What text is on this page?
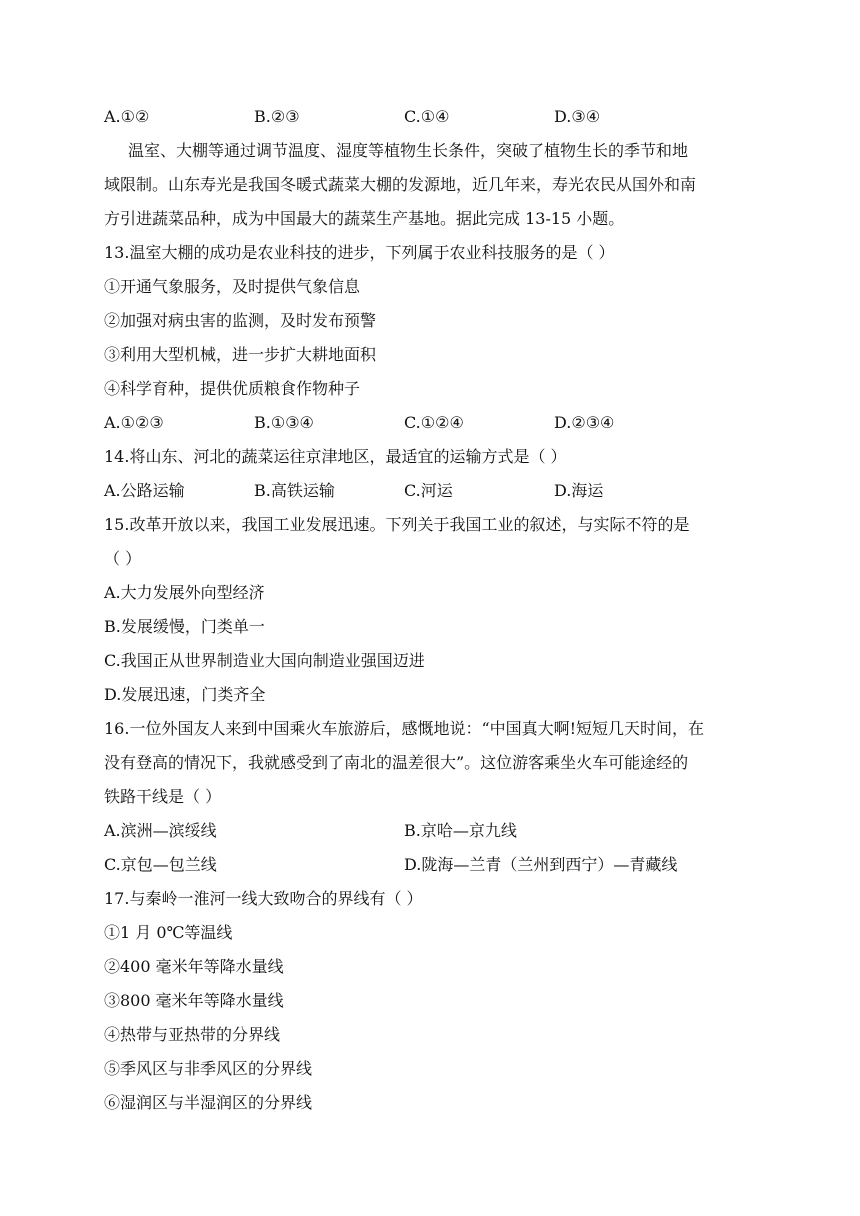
A.①②	B.②③	C.①④	D.③④
温室、大棚等通过调节温度、湿度等植物生长条件，突破了植物生长的季节和地
域限制。山东寿光是我国冬暖式蔬菜大棚的发源地，近几年来，寿光农民从国外和南
方引进蔬菜品种，成为中国最大的蔬菜生产基地。据此完成 13-15 小题。
13.温室大棚的成功是农业科技的进步，下列属于农业科技服务的是（ ）
①开通气象服务，及时提供气象信息
②加强对病虫害的监测，及时发布预警
③利用大型机械，进一步扩大耕地面积
④科学育种，提供优质粮食作物种子
A.①②③	B.①③④	C.①②④	D.②③④
14.将山东、河北的蔬菜运往京津地区，最适宜的运输方式是（ ）
A.公路运输	B.高铁运输	C.河运	D.海运
15.改革开放以来，我国工业发展迅速。下列关于我国工业的叙述，与实际不符的是
（ ）
A.大力发展外向型经济
B.发展缓慢，门类单一
C.我国正从世界制造业大国向制造业强国迈进
D.发展迅速，门类齐全
16.一位外国友人来到中国乘火车旅游后，感慨地说：“中国真大啊!短短几天时间，在
没有登高的情况下，我就感受到了南北的温差很大”。这位游客乘坐火车可能途经的
铁路干线是（ ）
A.滨洲—滨绥线	B.京哈—京九线
C.京包—包兰线	D.陇海—兰青（兰州到西宁）—青藏线
17.与秦岭一淮河一线大致吻合的界线有（ ）
①1 月 0℃等温线
②400 毫米年等降水量线
③800 毫米年等降水量线
④热带与亚热带的分界线
⑤季风区与非季风区的分界线
⑥湿润区与半湿润区的分界线
